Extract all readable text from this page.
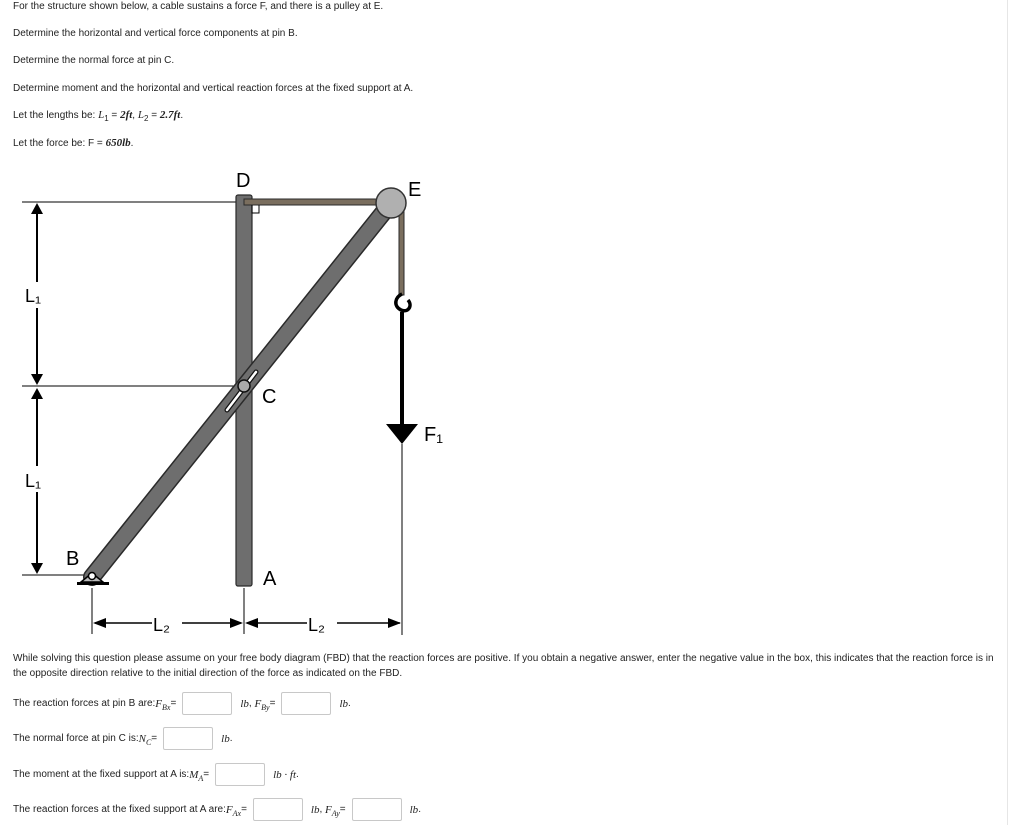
For the structure shown below, a cable sustains a force F, and there is a pulley at E.
Determine the horizontal and vertical force components at pin B.
Determine the normal force at pin C.
Determine moment and the horizontal and vertical reaction forces at the fixed support at A.
Let the lengths be: $L_1 = 2ft$, $L_2 = 2.7ft$.
Let the force be: F = 650lb.
L₁
L₁
L₂	L₂
D	E
C
A
B
F₁
While solving this question please assume on your free body diagram (FBD) that the reaction forces are positive. If you obtain a negative answer, enter the negative value in the box, this indicates that the reaction force is in the opposite direction relative to the initial direction of the force as indicated on the FBD.
The reaction forces at pin B are: $F_{Bx}$ =	lb ,
$F_{By}$ =	lb .
The normal force at pin C is: $N_C$ =	lb .
The moment at the fixed support at A is: $M_A$ =	lb · ft .
The reaction forces at the fixed support at A are: $F_{Ax}$ =	lb ,
$F_{Ay}$ =	lb .
